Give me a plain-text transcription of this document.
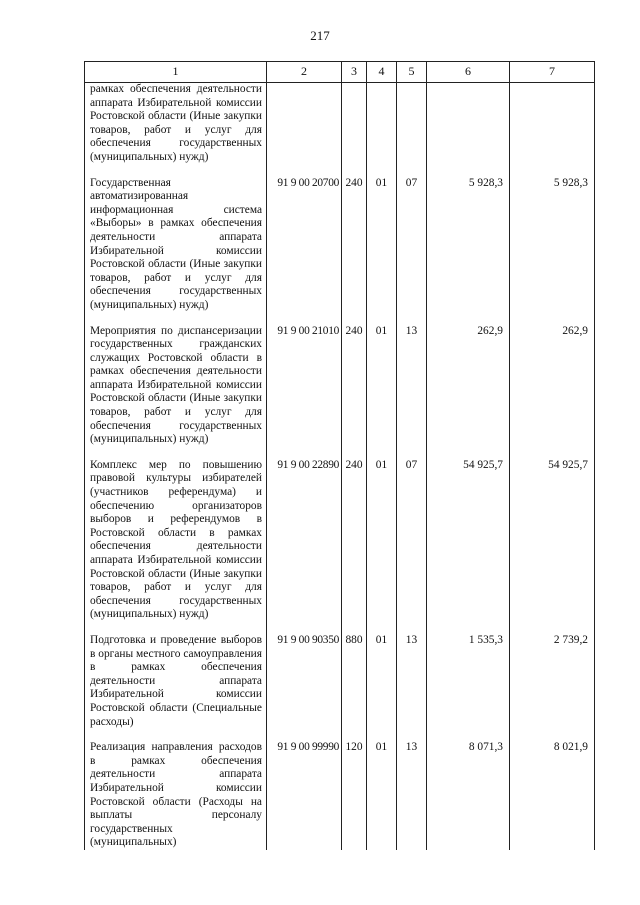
217
1	2	3	4	5	6	7
рамках обеспечения деятельности аппарата Избирательной комиссии Ростовской области (Иные закупки товаров, работ и услуг для обеспечения государственных (муниципальных) нужд)						

Государственная автоматизированная информационная система «Выборы» в рамках обеспечения деятельности аппарата Избирательной комиссии Ростовской области (Иные закупки товаров, работ и услуг для обеспечения государственных (муниципальных) нужд)	91 9 00 20700	240	01	07	5 928,3	5 928,3

Мероприятия по диспансеризации государственных гражданских служащих Ростовской области в рамках обеспечения деятельности аппарата Избирательной комиссии Ростовской области (Иные закупки товаров, работ и услуг для обеспечения государственных (муниципальных) нужд)	91 9 00 21010	240	01	13	262,9	262,9

Комплекс мер по повышению правовой культуры избирателей (участников референдума) и обеспечению организаторов выборов и референдумов в Ростовской области в рамках обеспечения деятельности аппарата Избирательной комиссии Ростовской области (Иные закупки товаров, работ и услуг для обеспечения государственных (муниципальных) нужд)	91 9 00 22890	240	01	07	54 925,7	54 925,7

Подготовка и проведение выборов в органы местного самоуправления в рамках обеспечения деятельности аппарата Избирательной комиссии Ростовской области (Специальные расходы)	91 9 00 90350	880	01	13	1 535,3	2 739,2

Реализация направления расходов в рамках обеспечения деятельности аппарата Избирательной комиссии Ростовской области (Расходы на выплаты персоналу государственных (муниципальных)	91 9 00 99990	120	01	13	8 071,3	8 021,9
